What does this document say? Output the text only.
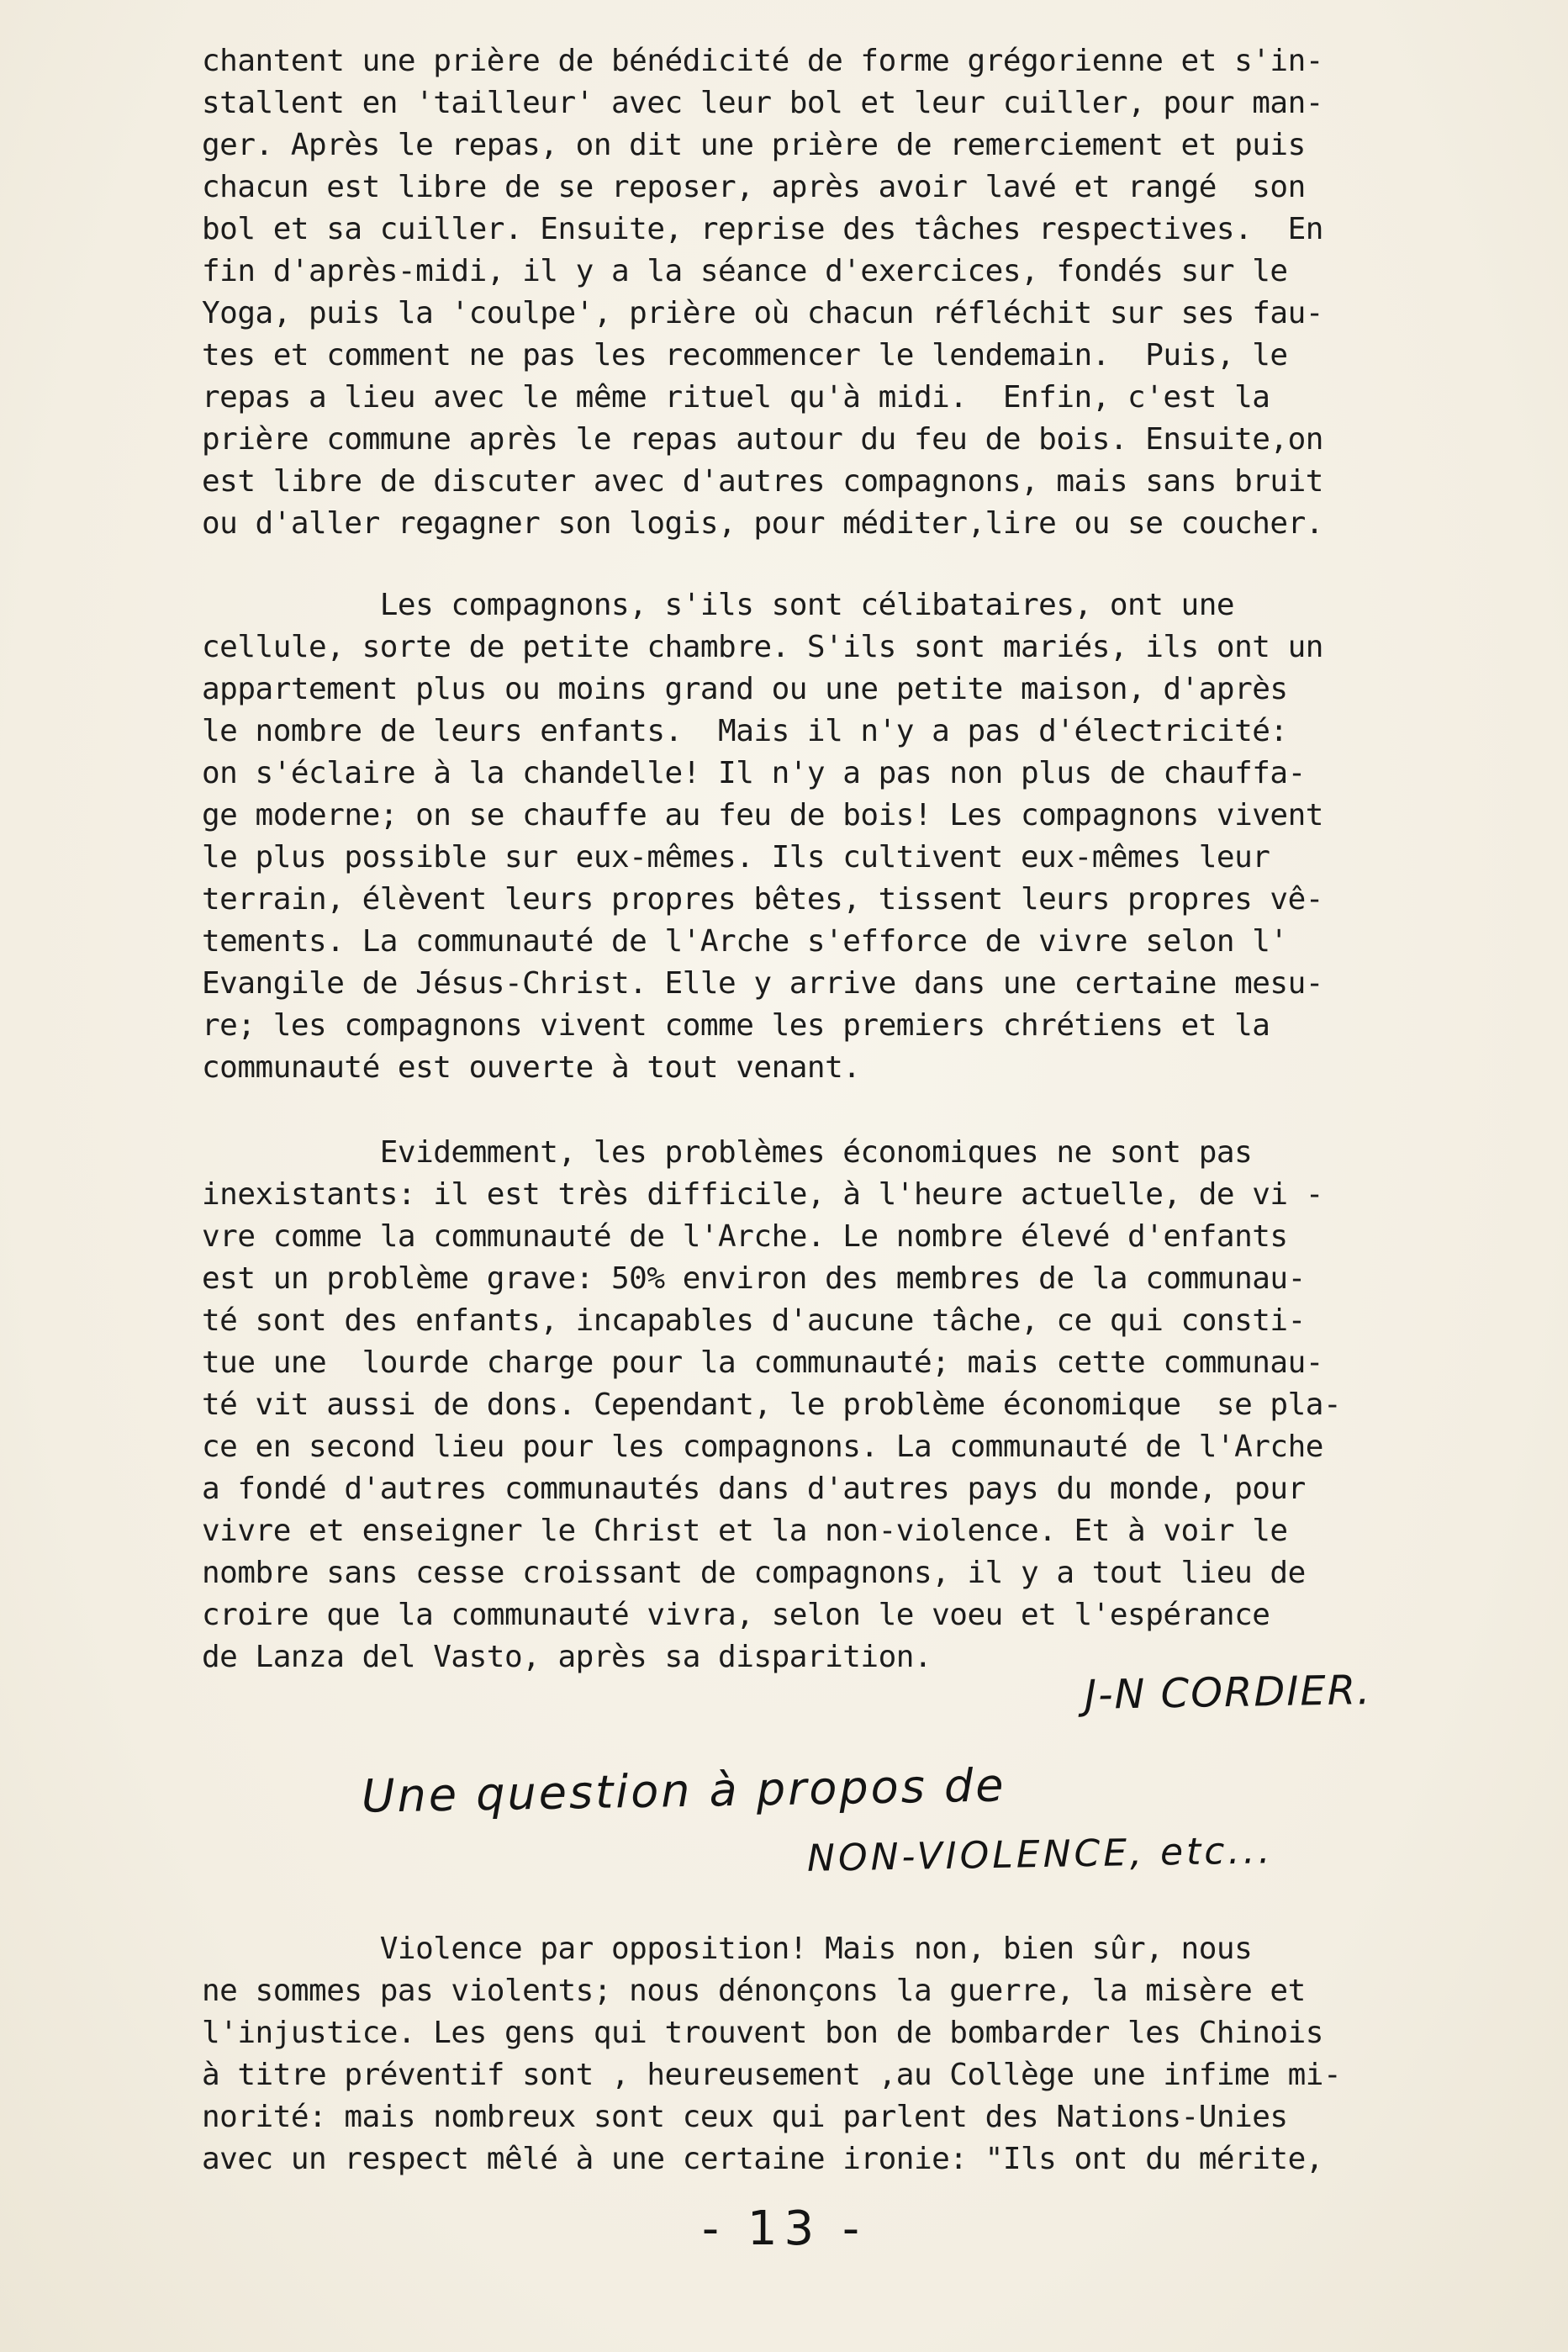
chantent une prière de bénédicité de forme grégorienne et s'in-
stallent en 'tailleur' avec leur bol et leur cuiller, pour man-
ger. Après le repas, on dit une prière de remerciement et puis
chacun est libre de se reposer, après avoir lavé et rangé  son
bol et sa cuiller. Ensuite, reprise des tâches respectives.  En
fin d'après-midi, il y a la séance d'exercices, fondés sur le
Yoga, puis la 'coulpe', prière où chacun réfléchit sur ses fau-
tes et comment ne pas les recommencer le lendemain.  Puis, le
repas a lieu avec le même rituel qu'à midi.  Enfin, c'est la
prière commune après le repas autour du feu de bois. Ensuite,on
est libre de discuter avec d'autres compagnons, mais sans bruit
ou d'aller regagner son logis, pour méditer,lire ou se coucher.
Les compagnons, s'ils sont célibataires, ont une
cellule, sorte de petite chambre. S'ils sont mariés, ils ont un
appartement plus ou moins grand ou une petite maison, d'après
le nombre de leurs enfants.  Mais il n'y a pas d'électricité:
on s'éclaire à la chandelle! Il n'y a pas non plus de chauffa-
ge moderne; on se chauffe au feu de bois! Les compagnons vivent
le plus possible sur eux-mêmes. Ils cultivent eux-mêmes leur
terrain, élèvent leurs propres bêtes, tissent leurs propres vê-
tements. La communauté de l'Arche s'efforce de vivre selon l'
Evangile de Jésus-Christ. Elle y arrive dans une certaine mesu-
re; les compagnons vivent comme les premiers chrétiens et la
communauté est ouverte à tout venant.
Evidemment, les problèmes économiques ne sont pas
inexistants: il est très difficile, à l'heure actuelle, de vi -
vre comme la communauté de l'Arche. Le nombre élevé d'enfants
est un problème grave: 50% environ des membres de la communau-
té sont des enfants, incapables d'aucune tâche, ce qui consti-
tue une  lourde charge pour la communauté; mais cette communau-
té vit aussi de dons. Cependant, le problème économique  se pla-
ce en second lieu pour les compagnons. La communauté de l'Arche
a fondé d'autres communautés dans d'autres pays du monde, pour
vivre et enseigner le Christ et la non-violence. Et à voir le
nombre sans cesse croissant de compagnons, il y a tout lieu de
croire que la communauté vivra, selon le voeu et l'espérance
de Lanza del Vasto, après sa disparition.
J-N CORDIER.
Une question à propos de
NON-VIOLENCE, etc...
Violence par opposition! Mais non, bien sûr, nous
ne sommes pas violents; nous dénonçons la guerre, la misère et
l'injustice. Les gens qui trouvent bon de bombarder les Chinois
à titre préventif sont , heureusement ,au Collège une infime mi-
norité: mais nombreux sont ceux qui parlent des Nations-Unies
avec un respect mêlé à une certaine ironie: "Ils ont du mérite,
- 13 -
